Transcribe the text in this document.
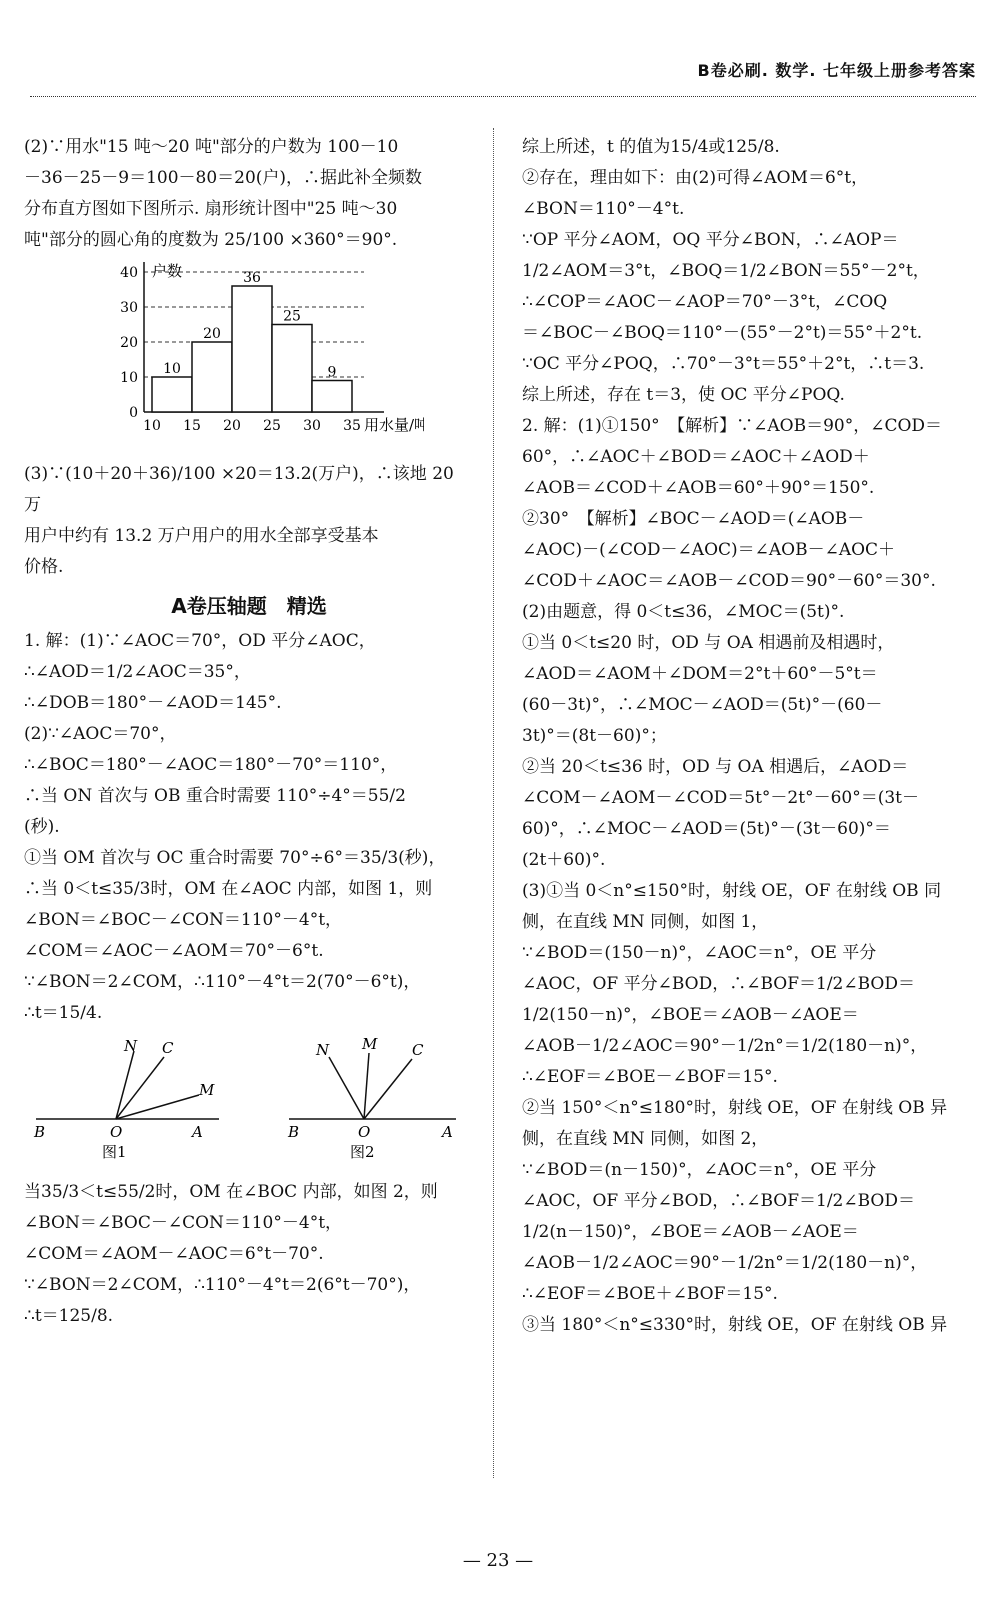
B卷必刷. 数学. 七年级上册参考答案

(2)∵用水"15 吨～20 吨"部分的户数为 100－10

－36－25－9＝100－80＝20(户)，∴据此补全频数

分布直方图如下图所示. 扇形统计图中"25 吨～30

吨"部分的圆心角的度数为 25/100 ×360°＝90°.

0
10
20
30
40
10
20
36
25
9
10 15 20 25 30 35
户数
用水量/吨

(3)∵(10＋20＋36)/100 ×20＝13.2(万户)，∴该地 20 万

用户中约有 13.2 万户用户的用水全部享受基本

价格.

A卷压轴题　精选

1. 解：(1)∵∠AOC＝70°，OD 平分∠AOC，

∴∠AOD＝1/2∠AOC＝35°，

∴∠DOB＝180°－∠AOD＝145°.

(2)∵∠AOC＝70°，

∴∠BOC＝180°－∠AOC＝180°－70°＝110°，

∴当 ON 首次与 OB 重合时需要 110°÷4°＝55/2

(秒).

①当 OM 首次与 OC 重合时需要 70°÷6°＝35/3(秒)，

∴当 0＜t≤35/3时，OM 在∠AOC 内部，如图 1，则

∠BON＝∠BOC－∠CON＝110°－4°t，

∠COM＝∠AOC－∠AOM＝70°－6°t.

∵∠BON＝2∠COM，∴110°－4°t＝2(70°－6°t)，

∴t＝15/4.

N C
M
B	O	A
图1
N M C
B	O	A
图2

当35/3＜t≤55/2时，OM 在∠BOC 内部，如图 2，则

∠BON＝∠BOC－∠CON＝110°－4°t，

∠COM＝∠AOM－∠AOC＝6°t－70°.

∵∠BON＝2∠COM，∴110°－4°t＝2(6°t－70°)，

∴t＝125/8.

综上所述，t 的值为15/4或125/8.

②存在，理由如下：由(2)可得∠AOM＝6°t，

∠BON＝110°－4°t.

∵OP 平分∠AOM，OQ 平分∠BON，∴∠AOP＝

1/2∠AOM＝3°t，∠BOQ＝1/2∠BON＝55°－2°t，

∴∠COP＝∠AOC－∠AOP＝70°－3°t，∠COQ

＝∠BOC－∠BOQ＝110°－(55°－2°t)＝55°＋2°t.

∵OC 平分∠POQ，∴70°－3°t＝55°＋2°t，∴t＝3.

综上所述，存在 t＝3，使 OC 平分∠POQ.

2. 解：(1)①150°　【解析】∵∠AOB＝90°，∠COD＝

60°，∴∠AOC＋∠BOD＝∠AOC＋∠AOD＋

∠AOB＝∠COD＋∠AOB＝60°＋90°＝150°.

②30°　【解析】∠BOC－∠AOD＝(∠AOB－

∠AOC)－(∠COD－∠AOC)＝∠AOB－∠AOC＋

∠COD＋∠AOC＝∠AOB－∠COD＝90°－60°＝30°.

(2)由题意，得 0＜t≤36，∠MOC＝(5t)°.

①当 0＜t≤20 时，OD 与 OA 相遇前及相遇时，

∠AOD＝∠AOM＋∠DOM＝2°t＋60°－5°t＝

(60－3t)°，∴∠MOC－∠AOD＝(5t)°－(60－

3t)°＝(8t－60)°；

②当 20＜t≤36 时，OD 与 OA 相遇后，∠AOD＝

∠COM－∠AOM－∠COD＝5t°－2t°－60°＝(3t－

60)°，∴∠MOC－∠AOD＝(5t)°－(3t－60)°＝

(2t＋60)°.

(3)①当 0＜n°≤150°时，射线 OE，OF 在射线 OB 同

侧，在直线 MN 同侧，如图 1，

∵∠BOD＝(150－n)°，∠AOC＝n°，OE 平分

∠AOC，OF 平分∠BOD，∴∠BOF＝1/2∠BOD＝

1/2(150－n)°，∠BOE＝∠AOB－∠AOE＝

∠AOB－1/2∠AOC＝90°－1/2n°＝1/2(180－n)°，

∴∠EOF＝∠BOE－∠BOF＝15°.

②当 150°＜n°≤180°时，射线 OE，OF 在射线 OB 异

侧，在直线 MN 同侧，如图 2，

∵∠BOD＝(n－150)°，∠AOC＝n°，OE 平分

∠AOC，OF 平分∠BOD，∴∠BOF＝1/2∠BOD＝

1/2(n－150)°，∠BOE＝∠AOB－∠AOE＝

∠AOB－1/2∠AOC＝90°－1/2n°＝1/2(180－n)°，

∴∠EOF＝∠BOE＋∠BOF＝15°.

③当 180°＜n°≤330°时，射线 OE，OF 在射线 OB 异

— 23 —
